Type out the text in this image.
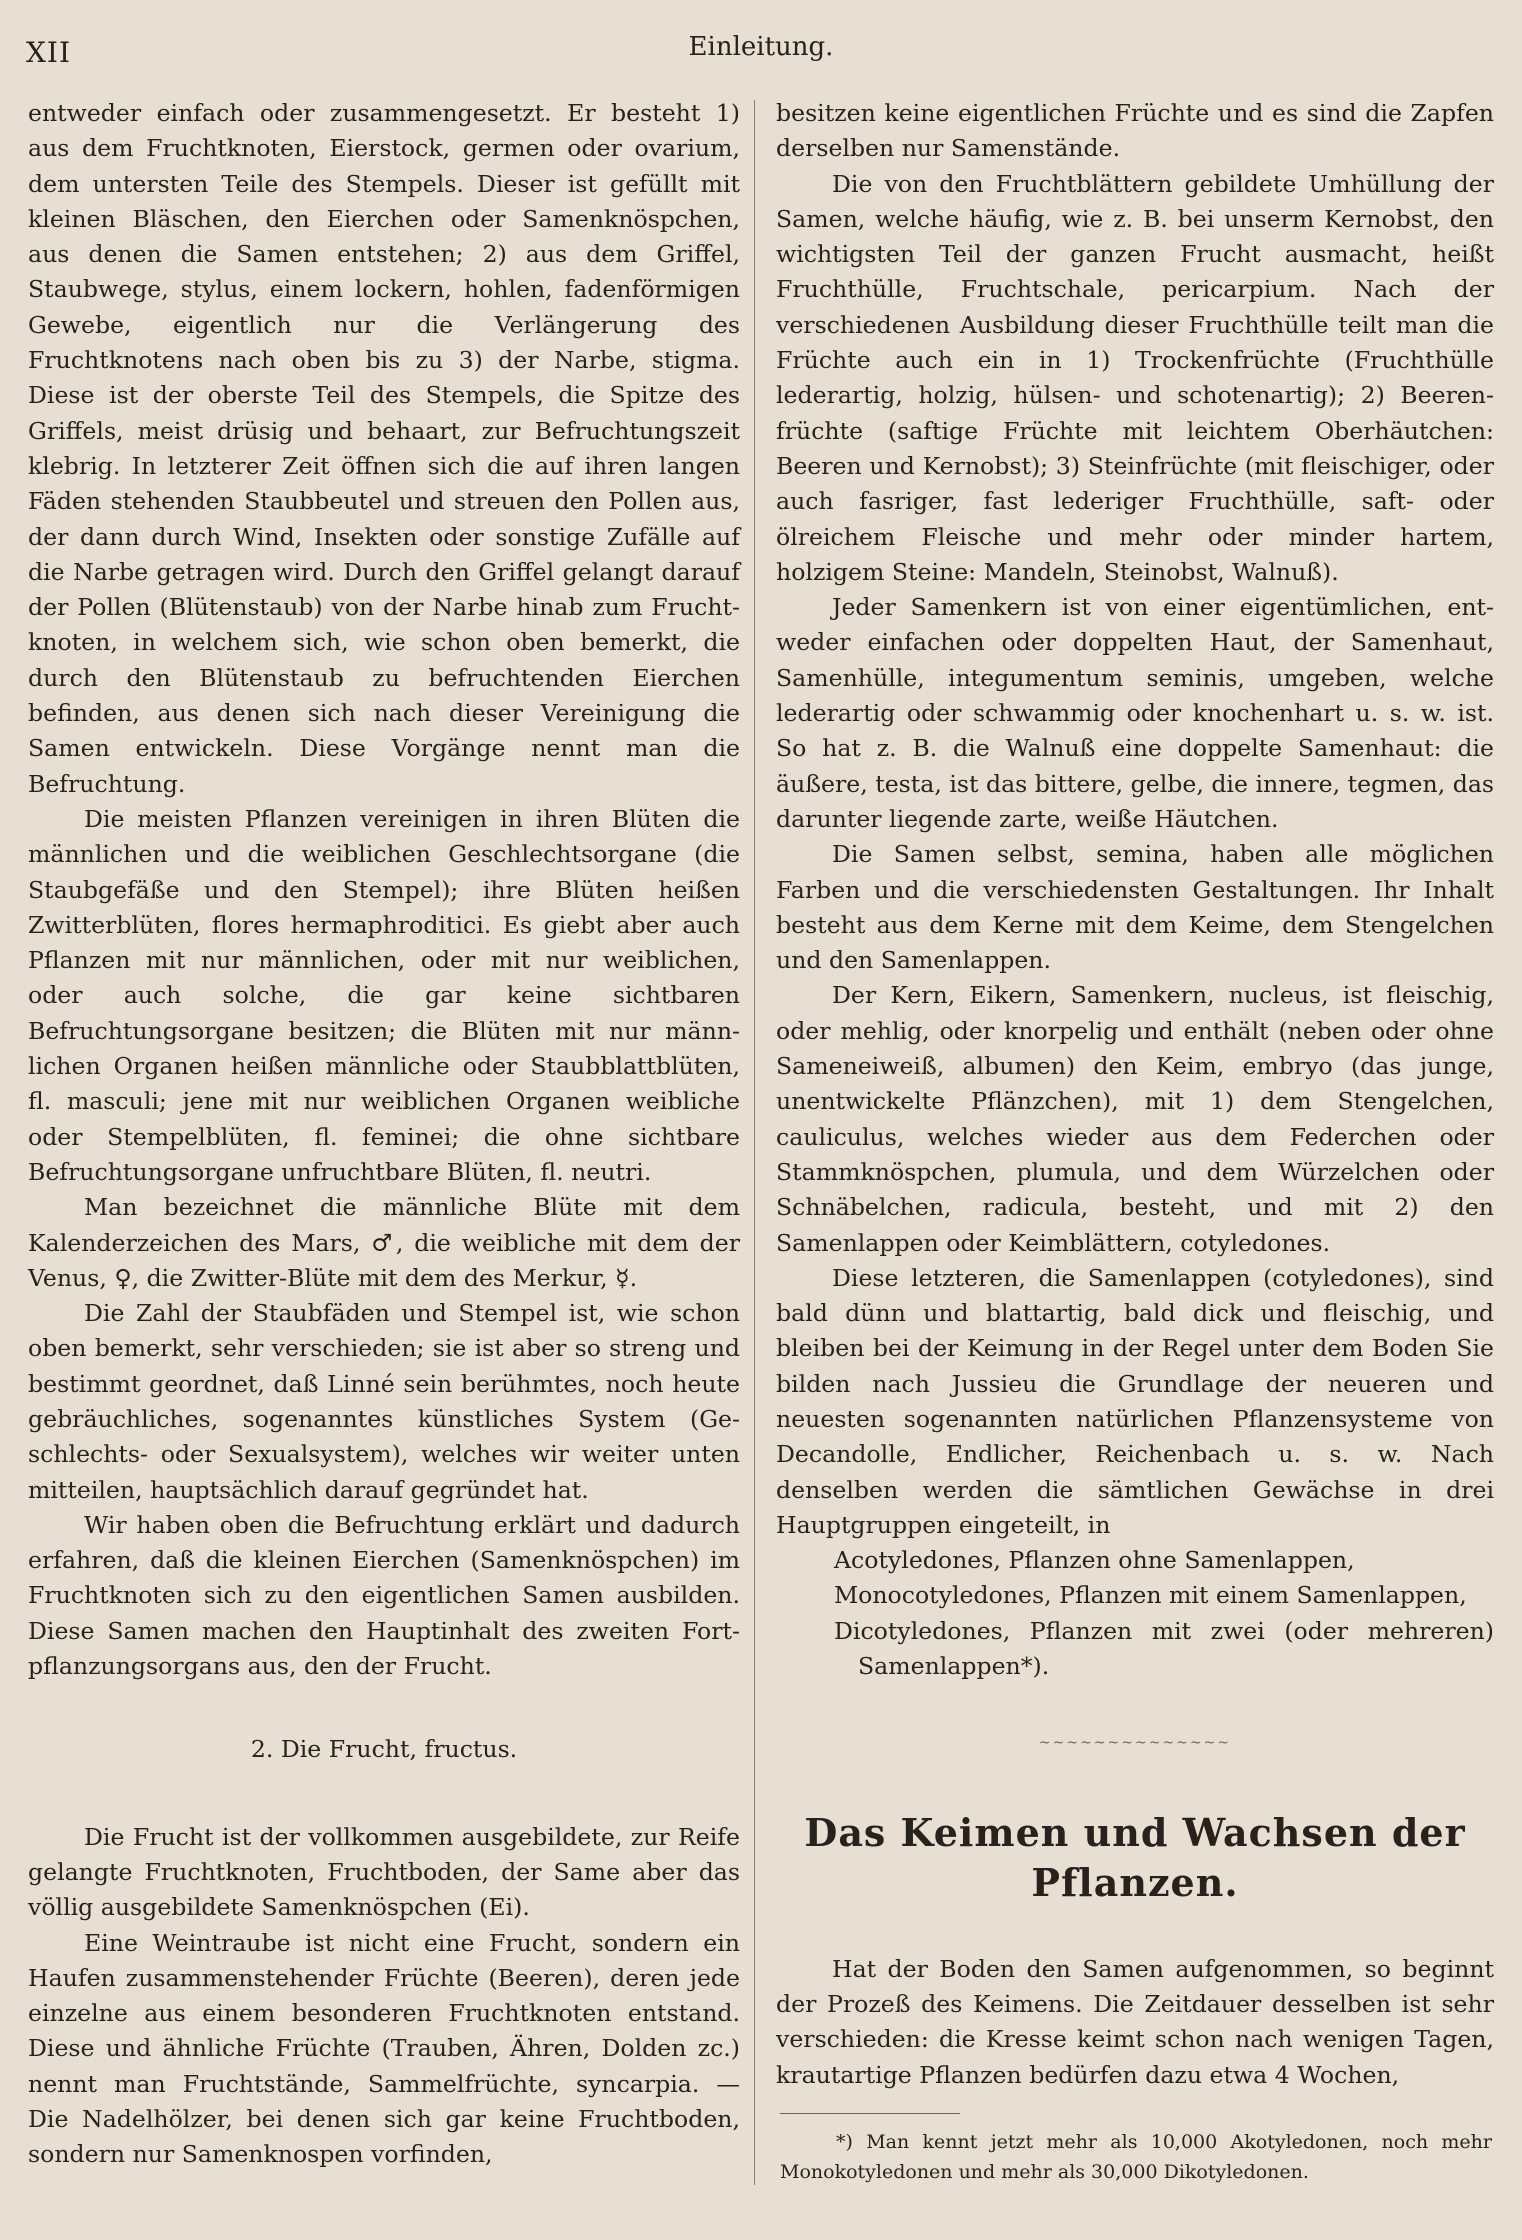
XII	Einleitung.

entweder einfach oder zusammengesetzt. Er besteht 1) aus dem Fruchtknoten, Eierstock, germen oder ovarium, dem untersten Teile des Stempels. Dieser ist gefüllt mit kleinen Bläschen, den Eierchen oder Samenknöspchen, aus denen die Samen entstehen; 2) aus dem Griffel, Staubwege, stylus, einem lockern, hohlen, fadenförmigen Gewebe, eigentlich nur die Verlängerung des Fruchtknotens nach oben bis zu 3) der Narbe, stigma. Diese ist der oberste Teil des Stempels, die Spitze des Griffels, meist drüsig und behaart, zur Befruchtungszeit klebrig. In letzterer Zeit öffnen sich die auf ihren langen Fäden stehenden Staubbeutel und streuen den Pollen aus, der dann durch Wind, Insekten oder sonstige Zufälle auf die Narbe getragen wird. Durch den Griffel gelangt darauf der Pollen (Blütenstaub) von der Narbe hinab zum Fruchtknoten, in welchem sich, wie schon oben bemerkt, die durch den Blütenstaub zu befruchtenden Eierchen befinden, aus denen sich nach dieser Vereinigung die Samen entwickeln. Diese Vorgänge nennt man die Befruchtung.

Die meisten Pflanzen vereinigen in ihren Blüten die männlichen und die weiblichen Geschlechtsorgane (die Staubgefäße und den Stempel); ihre Blüten heißen Zwitterblüten, flores hermaphroditici. Es giebt aber auch Pflanzen mit nur männlichen, oder mit nur weiblichen, oder auch solche, die gar keine sichtbaren Befruchtungsorgane besitzen; die Blüten mit nur männlichen Organen heißen männliche oder Staubblattblüten, fl. masculi; jene mit nur weiblichen Organen weibliche oder Stempelblüten, fl. feminei; die ohne sichtbare Befruchtungsorgane unfruchtbare Blüten, fl. neutri.

Man bezeichnet die männliche Blüte mit dem Kalenderzeichen des Mars, ♂, die weibliche mit dem der Venus, ♀, die Zwitter-Blüte mit dem des Merkur, ☿.

Die Zahl der Staubfäden und Stempel ist, wie schon oben bemerkt, sehr verschieden; sie ist aber so streng und bestimmt geordnet, daß Linné sein berühmtes, noch heute gebräuchliches, sogenanntes künstliches System (Geschlechts- oder Sexualsystem), welches wir weiter unten mitteilen, hauptsächlich darauf gegründet hat.

Wir haben oben die Befruchtung erklärt und dadurch erfahren, daß die kleinen Eierchen (Samenknöspchen) im Fruchtknoten sich zu den eigentlichen Samen ausbilden. Diese Samen machen den Hauptinhalt des zweiten Fortpflanzungsorgans aus, den der Frucht.

2. Die Frucht, fructus.

Die Frucht ist der vollkommen ausgebildete, zur Reife gelangte Fruchtknoten, Fruchtboden, der Same aber das völlig ausgebildete Samenknöspchen (Ei).

Eine Weintraube ist nicht eine Frucht, sondern ein Haufen zusammenstehender Früchte (Beeren), deren jede einzelne aus einem besonderen Fruchtknoten entstand. Diese und ähnliche Früchte (Trauben, Ähren, Dolden zc.) nennt man Fruchtstände, Sammelfrüchte, syncarpia. — Die Nadelhölzer, bei denen sich gar keine Fruchtboden, sondern nur Samenknospen vorfinden,

besitzen keine eigentlichen Früchte und es sind die Zapfen derselben nur Samenstände.

Die von den Fruchtblättern gebildete Umhüllung der Samen, welche häufig, wie z. B. bei unserm Kernobst, den wichtigsten Teil der ganzen Frucht ausmacht, heißt Fruchthülle, Fruchtschale, pericarpium. Nach der verschiedenen Ausbildung dieser Fruchthülle teilt man die Früchte auch ein in 1) Trockenfrüchte (Fruchthülle lederartig, holzig, hülsen- und schotenartig); 2) Beerenfrüchte (saftige Früchte mit leichtem Oberhäutchen: Beeren und Kernobst); 3) Steinfrüchte (mit fleischiger, oder auch fasriger, fast lederiger Fruchthülle, saft- oder ölreichem Fleische und mehr oder minder hartem, holzigem Steine: Mandeln, Steinobst, Walnuß).

Jeder Samenkern ist von einer eigentümlichen, entweder einfachen oder doppelten Haut, der Samenhaut, Samenhülle, integumentum seminis, umgeben, welche lederartig oder schwammig oder knochenhart u. s. w. ist. So hat z. B. die Walnuß eine doppelte Samenhaut: die äußere, testa, ist das bittere, gelbe, die innere, tegmen, das darunter liegende zarte, weiße Häutchen.

Die Samen selbst, semina, haben alle möglichen Farben und die verschiedensten Gestaltungen. Ihr Inhalt besteht aus dem Kerne mit dem Keime, dem Stengelchen und den Samenlappen.

Der Kern, Eikern, Samenkern, nucleus, ist fleischig, oder mehlig, oder knorpelig und enthält (neben oder ohne Sameneiweiß, albumen) den Keim, embryo (das junge, unentwickelte Pflänzchen), mit 1) dem Stengelchen, cauliculus, welches wieder aus dem Federchen oder Stammknöspchen, plumula, und dem Würzelchen oder Schnäbelchen, radicula, besteht, und mit 2) den Samenlappen oder Keimblättern, cotyledones.

Diese letzteren, die Samenlappen (cotyledones), sind bald dünn und blattartig, bald dick und fleischig, und bleiben bei der Keimung in der Regel unter dem Boden Sie bilden nach Jussieu die Grundlage der neueren und neuesten sogenannten natürlichen Pflanzensysteme von Decandolle, Endlicher, Reichenbach u. s. w. Nach denselben werden die sämtlichen Gewächse in drei Hauptgruppen eingeteilt, in

Acotyledones, Pflanzen ohne Samenlappen,

Monocotyledones, Pflanzen mit einem Samenlappen,

Dicotyledones, Pflanzen mit zwei (oder mehreren) Samenlappen*).

~~~~~~~~~~~~~~

Das Keimen und Wachsen der Pflanzen.

Hat der Boden den Samen aufgenommen, so beginnt der Prozeß des Keimens. Die Zeitdauer desselben ist sehr verschieden: die Kresse keimt schon nach wenigen Tagen, krautartige Pflanzen bedürfen dazu etwa 4 Wochen,

*) Man kennt jetzt mehr als 10,000 Akotyledonen, noch mehr Monokotyledonen und mehr als 30,000 Dikotyledonen.
